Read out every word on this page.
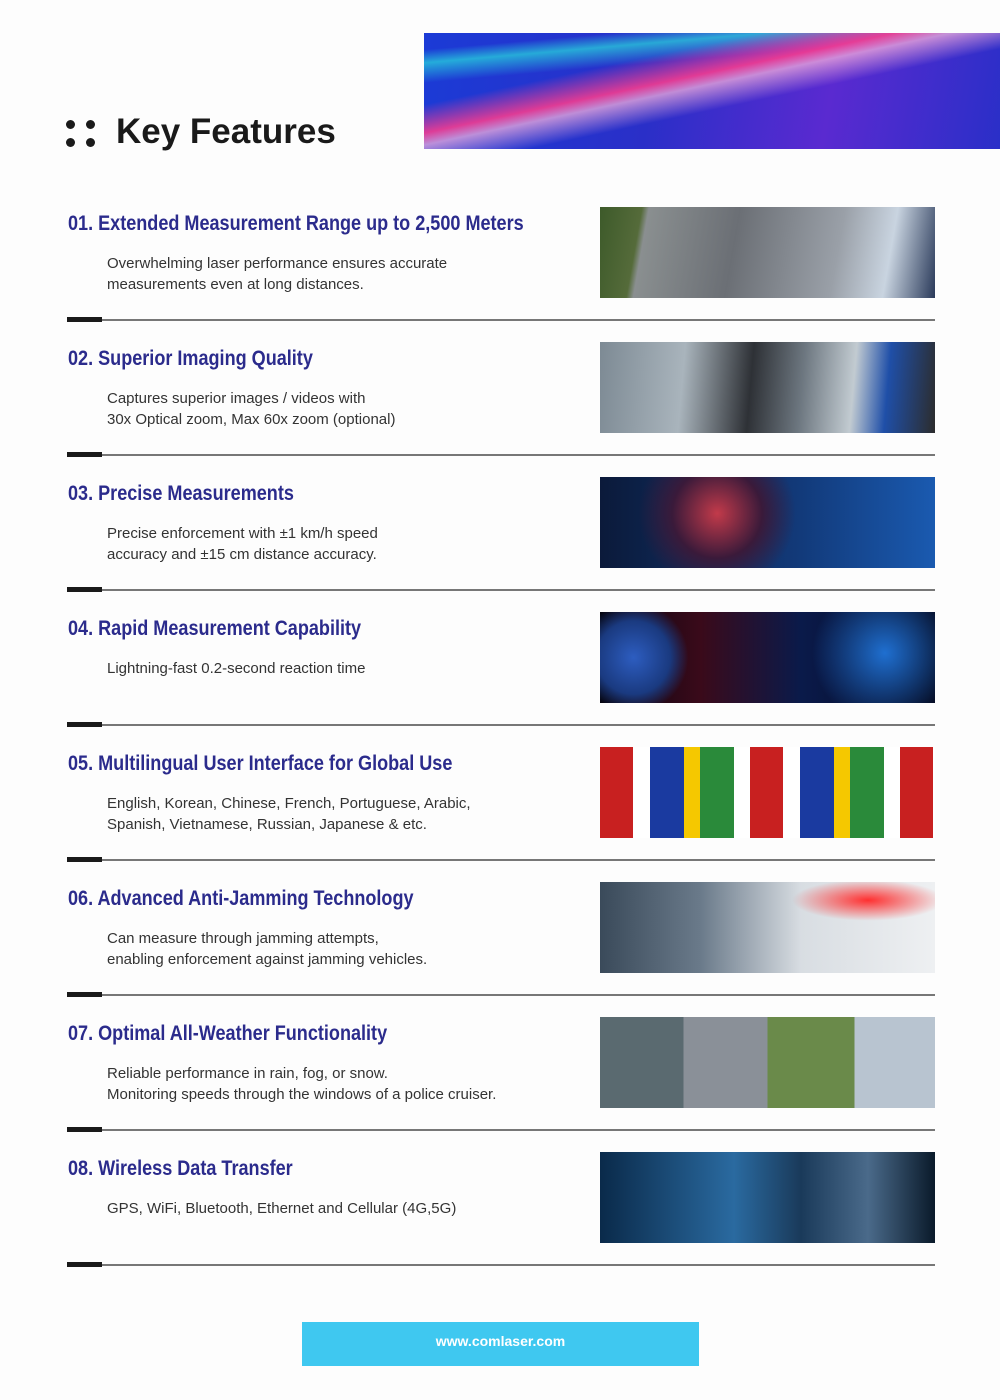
Key Features
01. Extended Measurement Range up to 2,500 Meters
Overwhelming laser performance ensures accurate
measurements even at long distances.
02. Superior Imaging Quality
Captures superior images / videos with
30x Optical zoom, Max 60x zoom (optional)
03. Precise Measurements
Precise enforcement with ±1 km/h speed
accuracy and ±15 cm distance accuracy.
04. Rapid Measurement Capability
Lightning-fast 0.2-second reaction time
05. Multilingual User Interface for Global Use
English, Korean, Chinese, French, Portuguese, Arabic,
Spanish, Vietnamese, Russian, Japanese & etc.
06. Advanced Anti-Jamming Technology
Can measure through jamming attempts,
enabling enforcement against jamming vehicles.
07. Optimal All-Weather Functionality
Reliable performance in rain, fog, or snow.
Monitoring speeds through the windows of a police cruiser.
08. Wireless Data Transfer
GPS, WiFi, Bluetooth, Ethernet and Cellular (4G,5G)
www.comlaser.com
